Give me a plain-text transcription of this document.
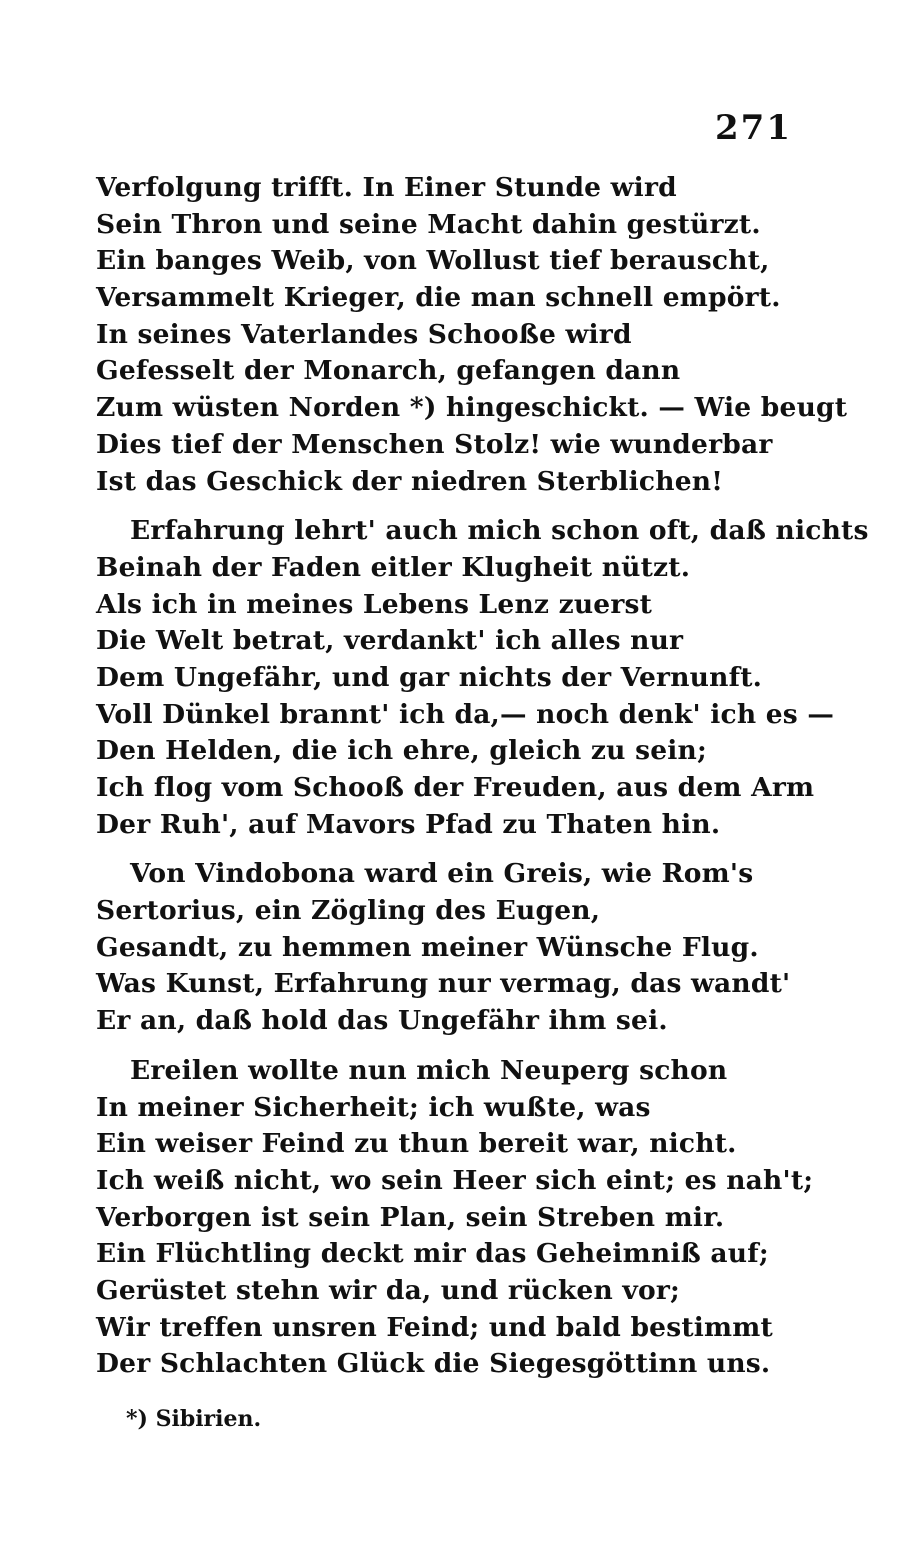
271
Verfolgung trifft. In Einer Stunde wird
Sein Thron und seine Macht dahin gestürzt.
Ein banges Weib, von Wollust tief berauscht,
Versammelt Krieger, die man schnell empört.
In seines Vaterlandes Schooße wird
Gefesselt der Monarch, gefangen dann
Zum wüsten Norden *) hingeschickt. — Wie beugt
Dies tief der Menschen Stolz! wie wunderbar
Ist das Geschick der niedren Sterblichen!
Erfahrung lehrt' auch mich schon oft, daß nichts
Beinah der Faden eitler Klugheit nützt.
Als ich in meines Lebens Lenz zuerst
Die Welt betrat, verdankt' ich alles nur
Dem Ungefähr, und gar nichts der Vernunft.
Voll Dünkel brannt' ich da,— noch denk' ich es —
Den Helden, die ich ehre, gleich zu sein;
Ich flog vom Schooß der Freuden, aus dem Arm
Der Ruh', auf Mavors Pfad zu Thaten hin.
Von Vindobona ward ein Greis, wie Rom's
Sertorius, ein Zögling des Eugen,
Gesandt, zu hemmen meiner Wünsche Flug.
Was Kunst, Erfahrung nur vermag, das wandt'
Er an, daß hold das Ungefähr ihm sei.
Ereilen wollte nun mich Neuperg schon
In meiner Sicherheit; ich wußte, was
Ein weiser Feind zu thun bereit war, nicht.
Ich weiß nicht, wo sein Heer sich eint; es nah't;
Verborgen ist sein Plan, sein Streben mir.
Ein Flüchtling deckt mir das Geheimniß auf;
Gerüstet stehn wir da, und rücken vor;
Wir treffen unsren Feind; und bald bestimmt
Der Schlachten Glück die Siegesgöttinn uns.
*) Sibirien.
